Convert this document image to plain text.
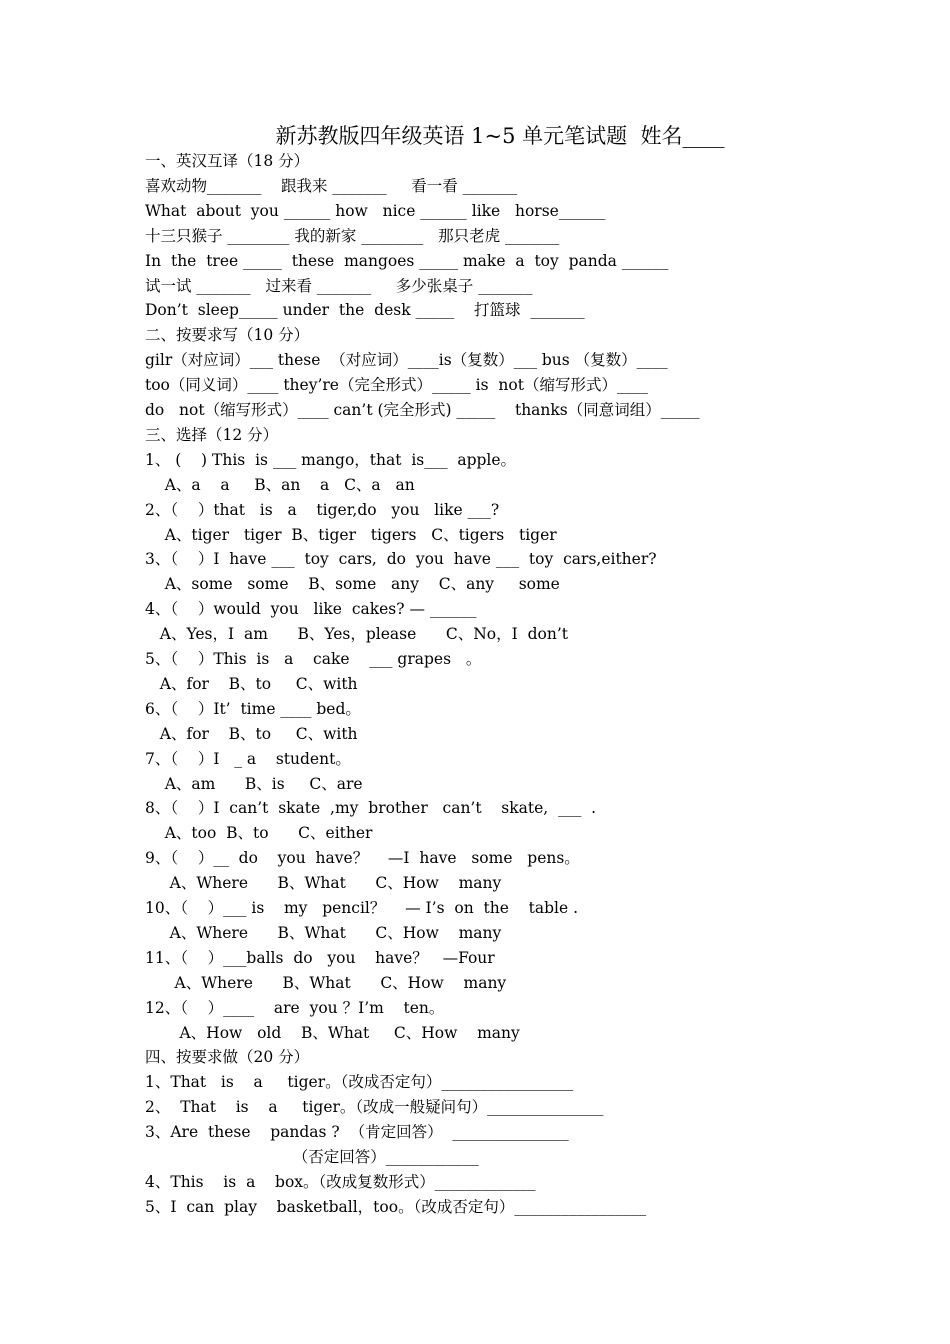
新苏教版四年级英语 1~5 单元笔试题  姓名____
一、英汉互译（18 分）
喜欢动物_______    跟我来 _______     看一看 _______
What  about  you ______ how   nice ______ like   horse______
十三只猴子 ________ 我的新家 ________   那只老虎 _______
In  the  tree _____  these  mangoes _____ make  a  toy  panda ______
试一试 _______   过来看 _______     多少张桌子 _______
Don’t  sleep_____ under  the  desk _____    打篮球  _______
二、按要求写（10 分）
gilr（对应词）___ these  （对应词）____is（复数）___ bus （复数）____
too（同义词）____ they’re（完全形式）_____ is  not（缩写形式）____
do   not（缩写形式）____ can’t (完全形式) _____    thanks（同意词组）_____
三、选择（12 分）
1、 (    ) This  is ___ mango，that  is___  apple。
A、a    a     B、an    a   C、a   an
2、（    ）that   is   a    tiger,do   you   like ___?
A、tiger   tiger  B、tiger   tigers   C、tigers   tiger
3、（    ）I  have ___  toy  cars,  do  you  have ___  toy  cars,either?
A、some   some    B、some   any    C、any     some
4、（    ）would  you   like  cakes? — ______
A、Yes，I  am      B、Yes，please      C、No，I  don’t
5、（    ）This  is   a    cake    ___ grapes   。
A、for    B、to     C、with
6、（    ）It’  time ____ bed。
A、for    B、to     C、with
7、（    ）I   _ a    student。
A、am      B、is     C、are
8、（    ）I  can’t  skate  ,my  brother   can’t    skate,  ___  .
A、too  B、to      C、either
9、（    ）__  do    you  have？    —I  have   some   pens。
A、Where      B、What      C、How    many
10、（    ）___ is    my   pencil？    — I’s  on  the    table .
A、Where      B、What      C、How    many
11、（    ）___balls  do   you    have？   —Four
A、Where      B、What      C、How    many
12、（    ）____    are  you ？I’m    ten。
A、How   old    B、What     C、How    many
四、按要求做（20 分）
1、That   is    a     tiger。（改成否定句）_________________
2、  That    is    a     tiger。（改成一般疑问句）_______________
3、Are  these    pandas ?  （肯定回答）  _______________
（否定回答）____________
4、This    is  a    box。（改成复数形式）_____________
5、I  can  play    basketball，too。（改成否定句）_________________
